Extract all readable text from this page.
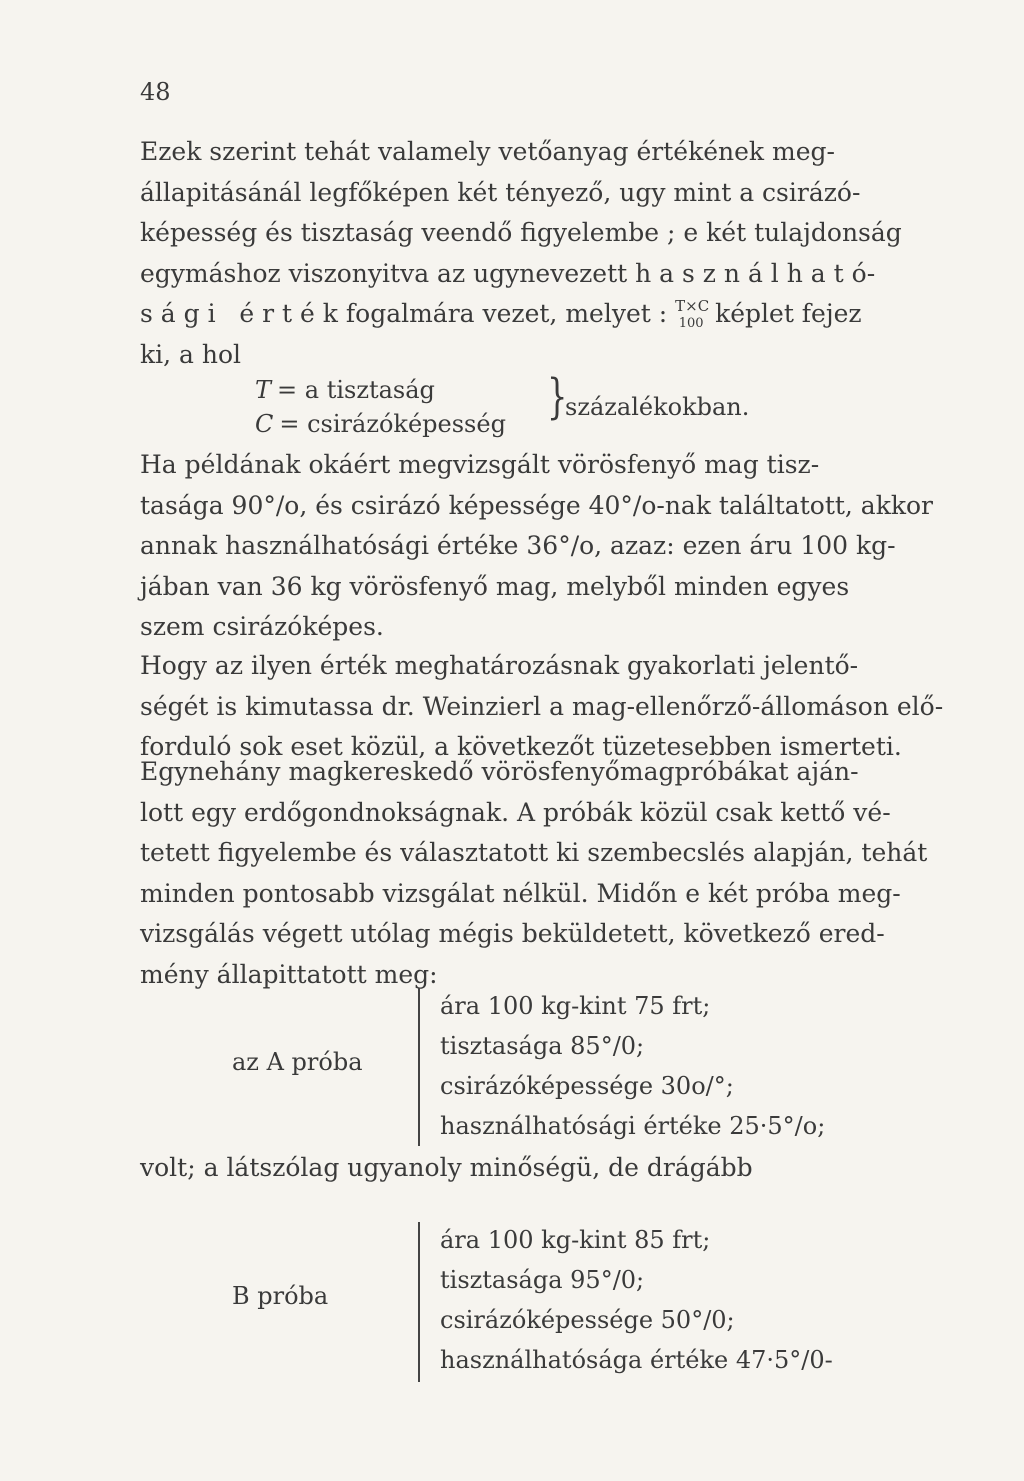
48
Ezek szerint tehát valamely vetőanyag értékének meg-
állapitásánál legfőképen két tényező, ugy mint a csirázó-
képesség és tisztaság veendő figyelembe ; e két tulajdonság
egymáshoz viszonyitva az ugynevezett h a s z n á l h a t ó-
s á g i   é r t é k fogalmára vezet, melyet : T×C
100 képlet fejez
ki, a hol
T = a tisztaság
C = csirázóképesség }
százalékokban.
Ha példának okáért megvizsgált vörösfenyő mag tisz-
tasága 90°/o, és csirázó képessége 40°/o-nak találtatott, akkor
annak használhatósági értéke 36°/o, azaz: ezen áru 100 kg-
jában van 36 kg vörösfenyő mag, melyből minden egyes
szem csirázóképes.
Hogy az ilyen érték meghatározásnak gyakorlati jelentő-
ségét is kimutassa dr. Weinzierl a mag-ellenőrző-állomáson elő-
forduló sok eset közül, a következőt tüzetesebben ismerteti.
Egynehány magkereskedő vörösfenyőmagpróbákat aján-
lott egy erdőgondnokságnak. A próbák közül csak kettő vé-
tetett figyelembe és választatott ki szembecslés alapján, tehát
minden pontosabb vizsgálat nélkül. Midőn e két próba meg-
vizsgálás végett utólag mégis beküldetett, következő ered-
mény állapittatott meg:
az A próba
ára 100 kg-kint 75 frt;
tisztasága 85°/0;
csirázóképessége 30o/°;
használhatósági értéke 25·5°/o;
volt; a látszólag ugyanoly minőségü, de drágább
B próba
ára 100 kg-kint 85 frt;
tisztasága 95°/0;
csirázóképessége 50°/0;
használhatósága értéke 47·5°/0-
